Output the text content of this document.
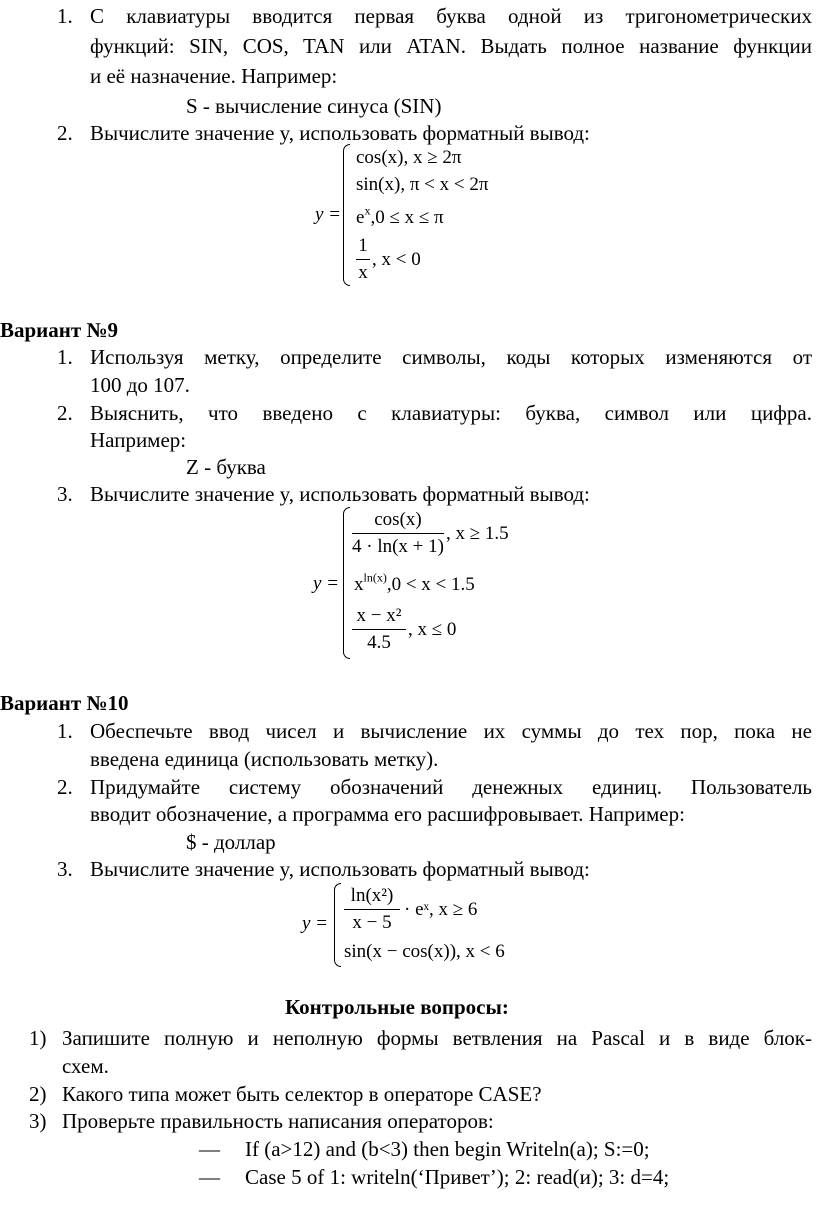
1. С клавиатуры вводится первая буква одной из тригонометрических
функций: SIN, COS, TAN или ATAN. Выдать полное название функции
и её назначение. Например:
S - вычисление синуса (SIN)
2. Вычислите значение y, использовать форматный вывод:
y =
cos(x), x ≥ 2π
sin(x), π < x < 2π
$e^x,0 \le x \le \pi$
1
x
, x < 0
Вариант №9
1. Используя метку, определите символы, коды которых изменяются от
100 до 107.
2. Выяснить, что введено с клавиатуры: буква, символ или цифра.
Например:
Z - буква
3. Вычислите значение y, использовать форматный вывод:
y =
cos(x)
4 · ln(x + 1)
, x ≥ 1.5
$x^{ln(x)},0 < x < 1.5$
x − x²
4.5
, x ≤ 0
Вариант №10
1. Обеспечьте ввод чисел и вычисление их суммы до тех пор, пока не
введена единица (использовать метку).
2. Придумайте систему обозначений денежных единиц. Пользователь
вводит обозначение, а программа его расшифровывает. Например:
$ - доллар
3. Вычислите значение y, использовать форматный вывод:
y =
ln(x²)
x − 5
· eˣ, x ≥ 6
sin(x − cos(x)), x < 6
Контрольные вопросы:
1) Запишите полную и неполную формы ветвления на Pascal и в виде блок-
схем.
2) Какого типа может быть селектор в операторе CASE?
3) Проверьте правильность написания операторов:
— If (a>12) and (b<3) then begin Writeln(a); S:=0;
— Case 5 of 1: writeln(‘Привет’); 2: read(и); 3: d=4;
